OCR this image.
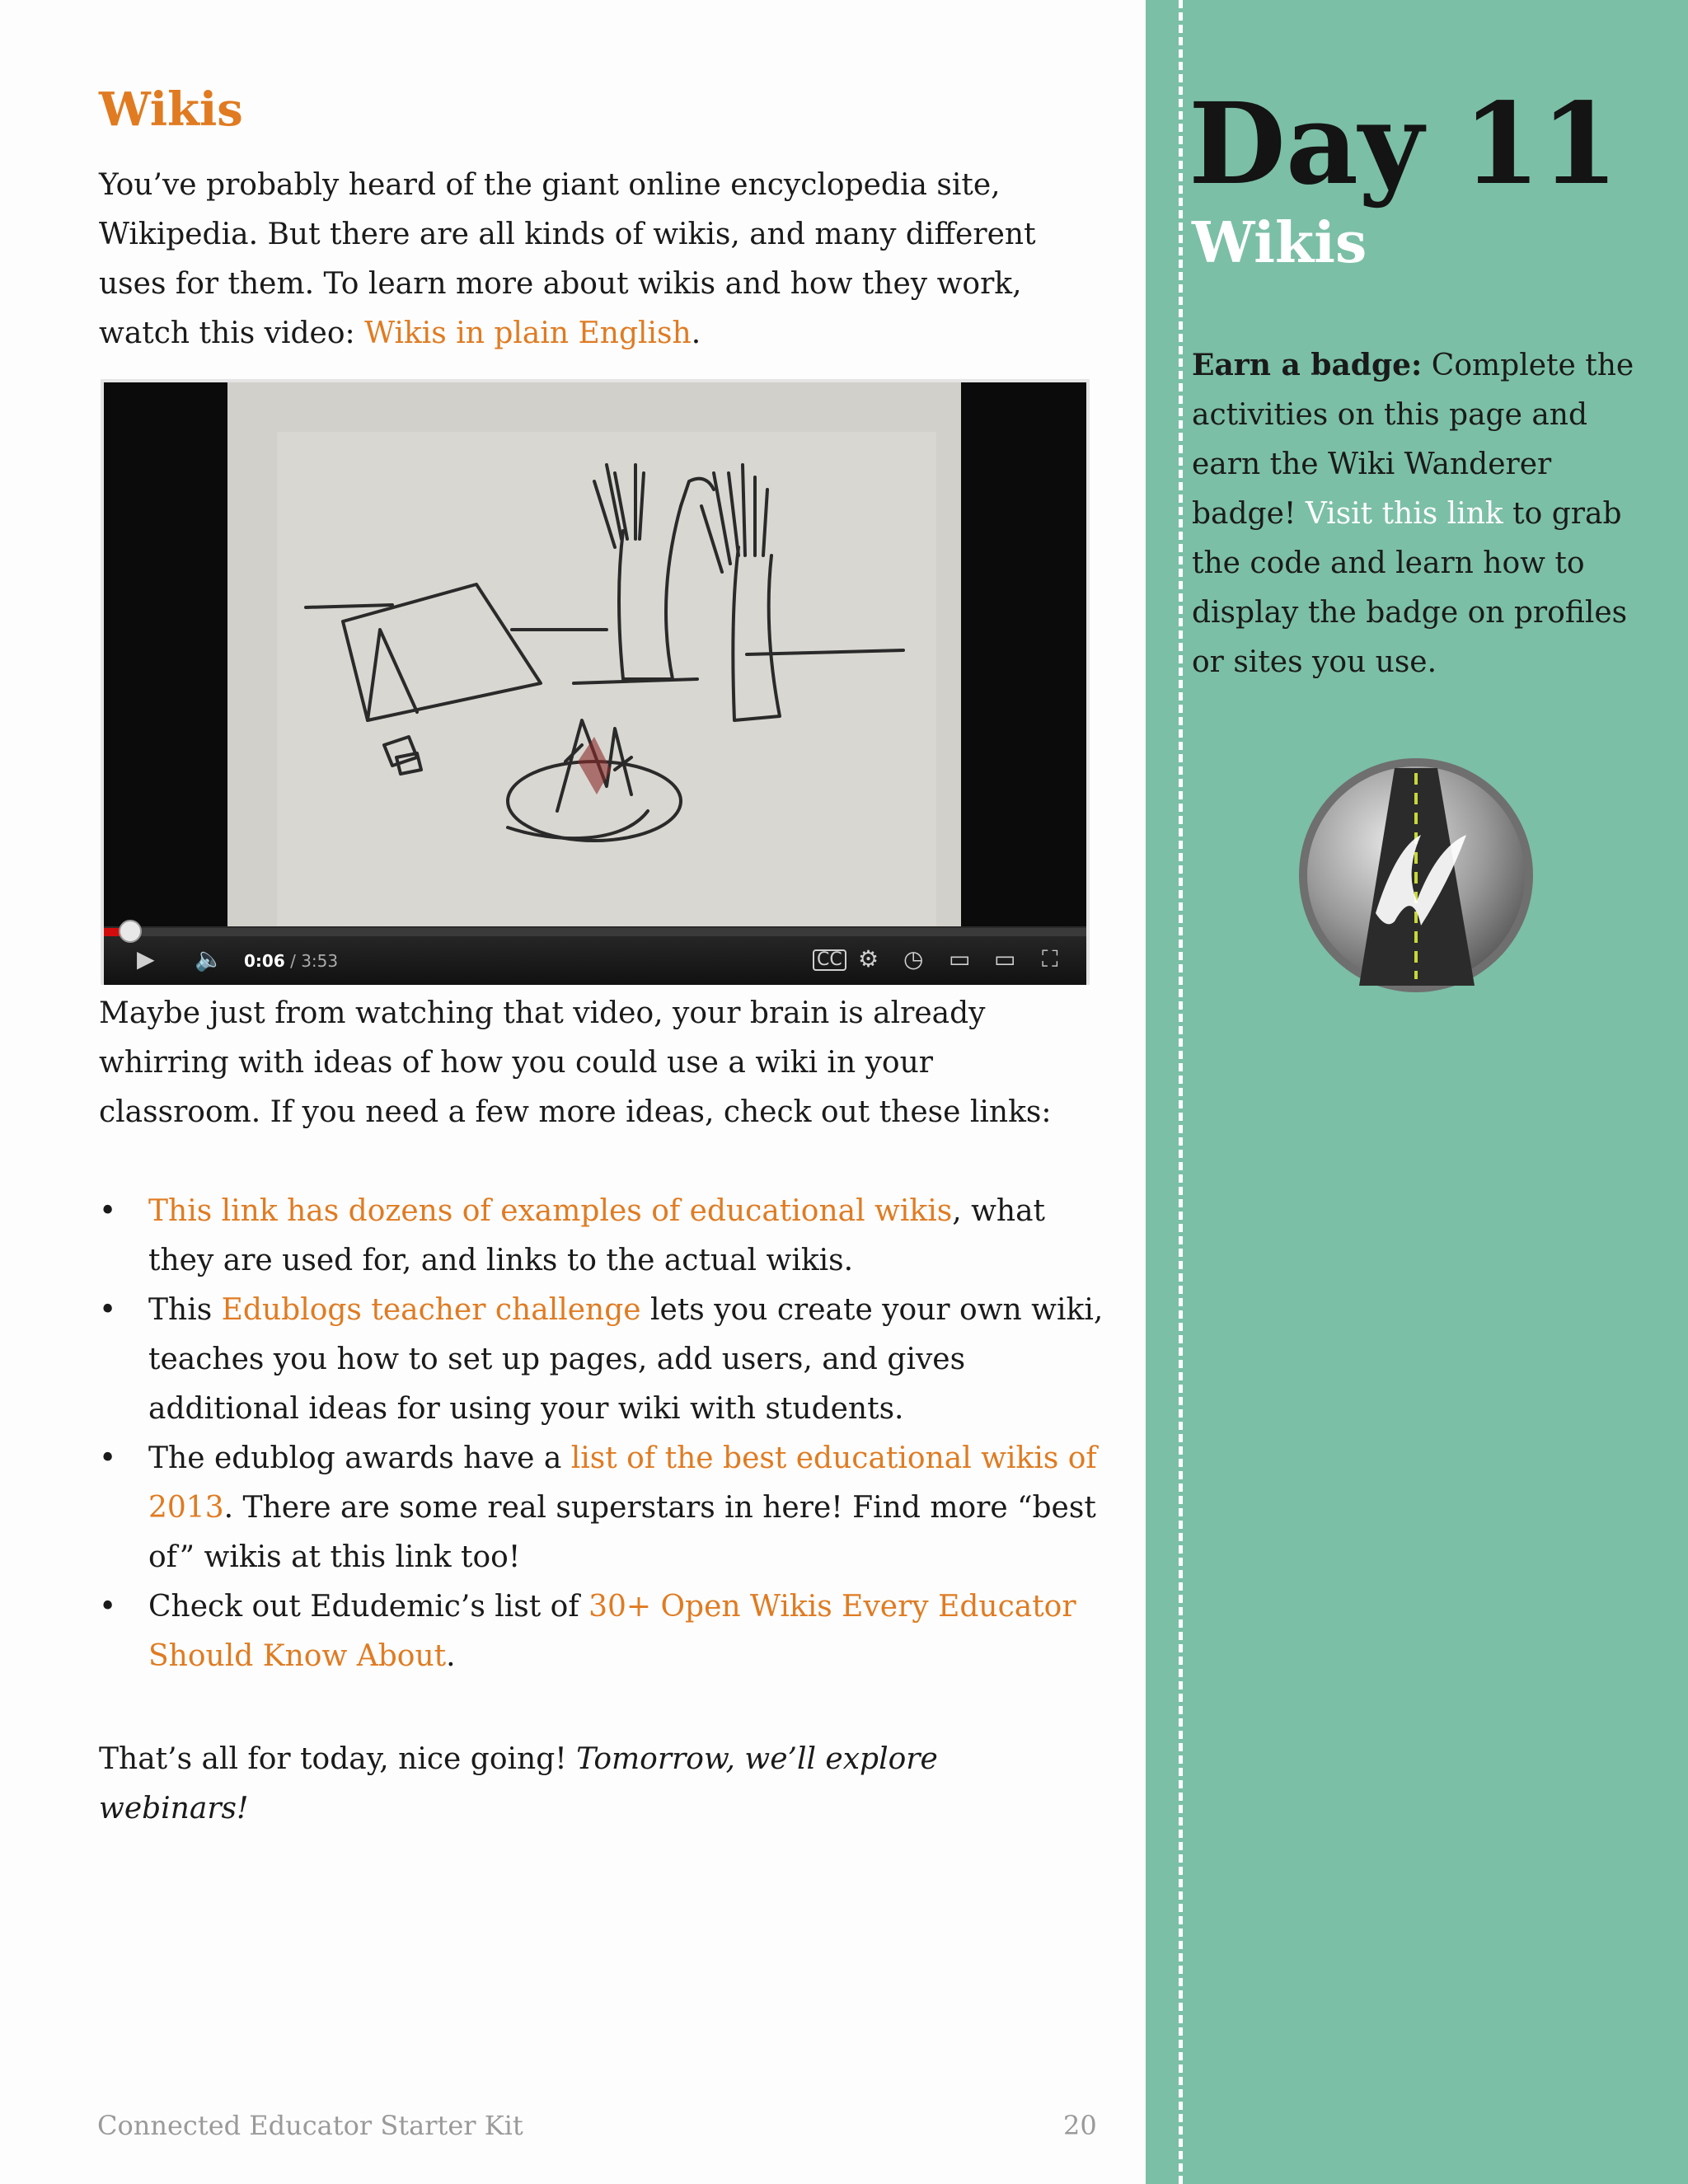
Wikis

You’ve probably heard of the giant online encyclopedia site, Wikipedia. But there are all kinds of wikis, and many different uses for them. To learn more about wikis and how they work, watch this video: Wikis in plain English.

▶ 🔈 0:06 / 3:53	CC ⚙ ◷ ▭ ▭ ⛶

Maybe just from watching that video, your brain is already whirring with ideas of how you could use a wiki in your classroom. If you need a few more ideas, check out these links:

• This link has dozens of examples of educational wikis, what they are used for, and links to the actual wikis.
• This Edublogs teacher challenge lets you create your own wiki, teaches you how to set up pages, add users, and gives additional ideas for using your wiki with students.
• The edublog awards have a list of the best educational wikis of 2013. There are some real superstars in here! Find more “best of” wikis at this link too!
• Check out Edudemic’s list of 30+ Open Wikis Every Educator Should Know About.

That’s all for today, nice going! Tomorrow, we’ll explore webinars!

Connected Educator Starter Kit	20
Day 11
Wikis

Earn a badge: Complete the activities on this page and earn the Wiki Wanderer badge! Visit this link to grab the code and learn how to display the badge on profiles or sites you use.
